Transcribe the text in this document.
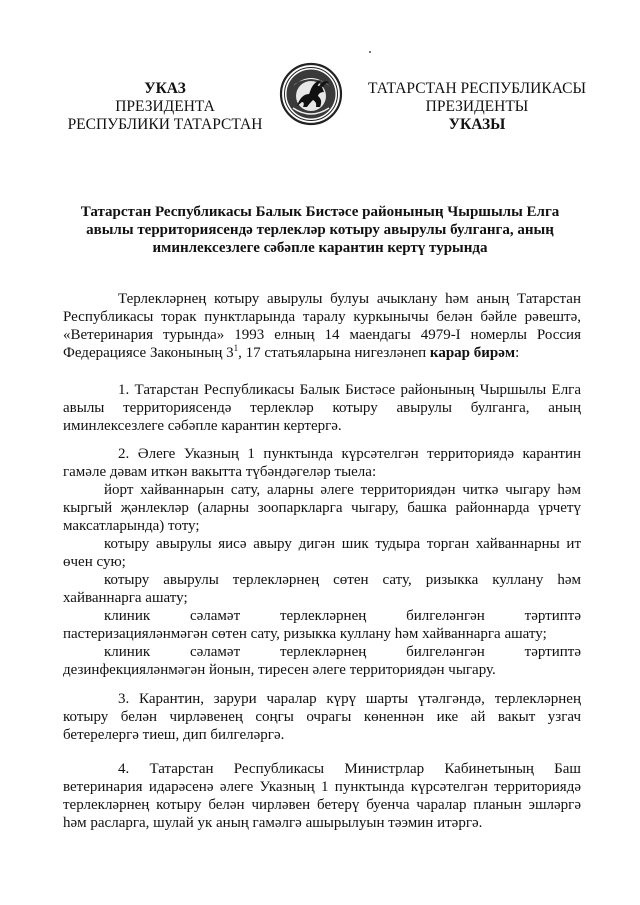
УКАЗ
ПРЕЗИДЕНТА
РЕСПУБЛИКИ ТАТАРСТАН
ТАТАРСТАН РЕСПУБЛИКАСЫ
ПРЕЗИДЕНТЫ
УКАЗЫ
Татарстан Республикасы Балык Бистәсе районының Чыршылы Елга
авылы территориясендә терлекләр котыру авырулы булганга, аның
иминлексезлеге сәбәпле карантин кертү турында

Терлекләрнең котыру авырулы булуы ачыклану һәм аның Татарстан Республикасы торак пунктларында таралу куркынычы белән бәйле рәвештә, «Ветеринария турында» 1993 елның 14 маендагы 4979-I номерлы Россия Федерациясе Законының $3^1$, 17 статьяларына нигезләнеп карар бирәм:

1. Татарстан Республикасы Балык Бистәсе районының Чыршылы Елга авылы территориясендә терлекләр котыру авырулы булганга, аның иминлексезлеге сәбәпле карантин кертергә.

2. Әлеге Указның 1 пунктында күрсәтелгән территориядә карантин гамәле дәвам иткән вакытта түбәндәгеләр тыела:

йорт хайваннарын сату, аларны әлеге территориядән читкә чыгару һәм кыргый җәнлекләр (аларны зоопаркларга чыгару, башка районнарда үрчетү максатларында) тоту;

котыру авырулы яисә авыру дигән шик тудыра торган хайваннарны ит өчен сую;

котыру авырулы терлекләрнең сөтен сату, ризыкка куллану һәм хайваннарга ашату;

клиник сәламәт терлекләрнең билгеләнгән тәртиптә пастеризацияләнмәгән сөтен сату, ризыкка куллану һәм хайваннарга ашату;

клиник сәламәт терлекләрнең билгеләнгән тәртиптә дезинфекцияләнмәгән йонын, тиресен әлеге территориядән чыгару.

3. Карантин, зарури чаралар күрү шарты үтәлгәндә, терлекләрнең котыру белән чирләвенең соңгы очрагы көненнән ике ай вакыт узгач бетерелергә тиеш, дип билгеләргә.

4. Татарстан Республикасы Министрлар Кабинетының Баш ветеринария идарәсенә әлеге Указның 1 пунктында күрсәтелгән территориядә терлекләрнең котыру белән чирләвен бетерү буенча чаралар планын эшләргә һәм расларга, шулай ук аның гамәлгә ашырылуын тәэмин итәргә.
